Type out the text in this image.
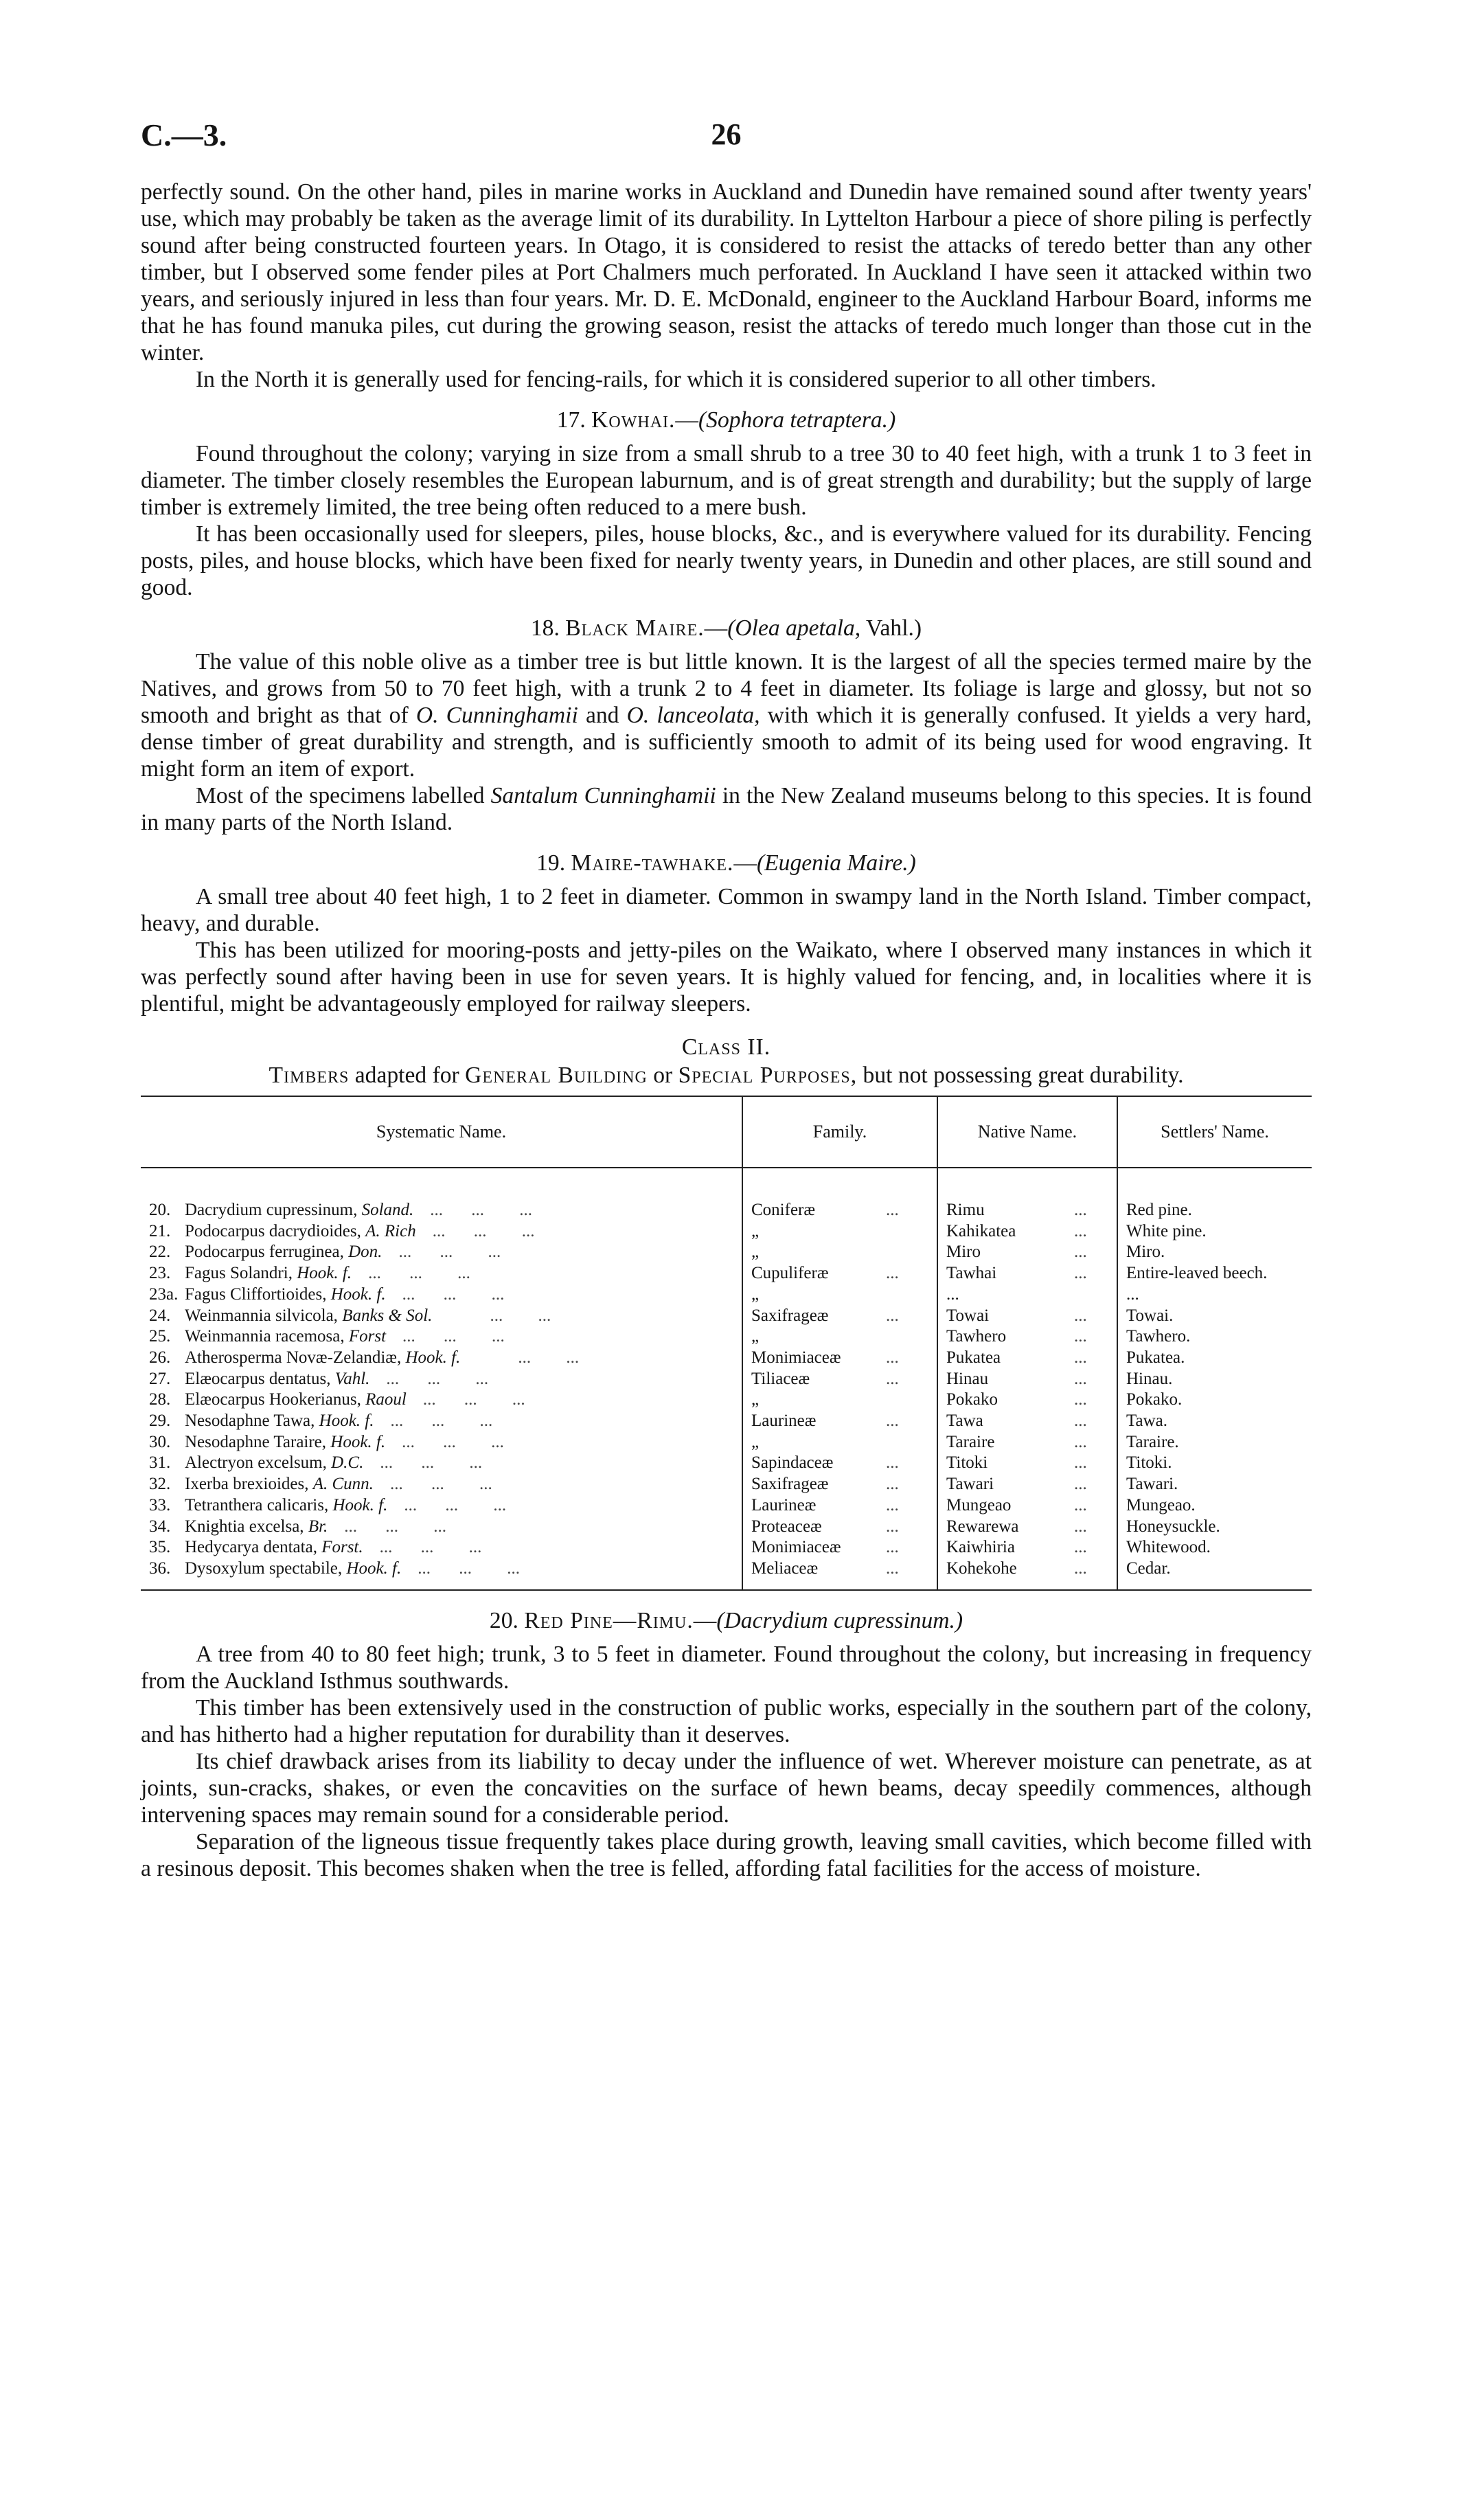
C.—3.	26

perfectly sound. On the other hand, piles in marine works in Auckland and Dunedin have remained sound after twenty years' use, which may probably be taken as the average limit of its durability. In Lyttelton Harbour a piece of shore piling is perfectly sound after being constructed fourteen years. In Otago, it is considered to resist the attacks of teredo better than any other timber, but I observed some fender piles at Port Chalmers much perforated. In Auckland I have seen it attacked within two years, and seriously injured in less than four years. Mr. D. E. McDonald, engineer to the Auckland Harbour Board, informs me that he has found manuka piles, cut during the growing season, resist the attacks of teredo much longer than those cut in the winter.

In the North it is generally used for fencing-rails, for which it is considered superior to all other timbers.

17. Kowhai.—(Sophora tetraptera.)

Found throughout the colony; varying in size from a small shrub to a tree 30 to 40 feet high, with a trunk 1 to 3 feet in diameter. The timber closely resembles the European laburnum, and is of great strength and durability; but the supply of large timber is extremely limited, the tree being often reduced to a mere bush.

It has been occasionally used for sleepers, piles, house blocks, &c., and is everywhere valued for its durability. Fencing posts, piles, and house blocks, which have been fixed for nearly twenty years, in Dunedin and other places, are still sound and good.

18. Black Maire.—(Olea apetala, Vahl.)

The value of this noble olive as a timber tree is but little known. It is the largest of all the species termed maire by the Natives, and grows from 50 to 70 feet high, with a trunk 2 to 4 feet in diameter. Its foliage is large and glossy, but not so smooth and bright as that of O. Cunninghamii and O. lanceolata, with which it is generally confused. It yields a very hard, dense timber of great durability and strength, and is sufficiently smooth to admit of its being used for wood engraving. It might form an item of export.

Most of the specimens labelled Santalum Cunninghamii in the New Zealand museums belong to this species. It is found in many parts of the North Island.

19. Maire-tawhake.—(Eugenia Maire.)

A small tree about 40 feet high, 1 to 2 feet in diameter. Common in swampy land in the North Island. Timber compact, heavy, and durable.

This has been utilized for mooring-posts and jetty-piles on the Waikato, where I observed many instances in which it was perfectly sound after having been in use for seven years. It is highly valued for fencing, and, in localities where it is plentiful, might be advantageously employed for railway sleepers.

Class II.
Timbers adapted for General Building or Special Purposes, but not possessing great durability.
Systematic Name.	Family.	Native Name.	Settlers' Name.
20. Dacrydium cupressinum, Soland. ... ... ...	Coniferæ ...	Rimu ...	Red pine.
21. Podocarpus dacrydioides, A. Rich ... ... ...	„	Kahikatea ...	White pine.
22. Podocarpus ferruginea, Don. ... ... ...	„	Miro ...	Miro.
23. Fagus Solandri, Hook. f. ... ... ...	Cupuliferæ ...	Tawhai ...	Entire-leaved beech.
23a. Fagus Cliffortioides, Hook. f. ... ... ...	„	...	...
24. Weinmannia silvicola, Banks & Sol. ... ...	Saxifrageæ ...	Towai ...	Towai.
25. Weinmannia racemosa, Forst ... ... ...	„	Tawhero ...	Tawhero.
26. Atherosperma Novæ-Zelandiæ, Hook. f. ... ...	Monimiaceæ ...	Pukatea ...	Pukatea.
27. Elæocarpus dentatus, Vahl. ... ... ...	Tiliaceæ ...	Hinau ...	Hinau.
28. Elæocarpus Hookerianus, Raoul ... ... ...	„	Pokako ...	Pokako.
29. Nesodaphne Tawa, Hook. f. ... ... ...	Laurineæ ...	Tawa ...	Tawa.
30. Nesodaphne Taraire, Hook. f. ... ... ...	„	Taraire ...	Taraire.
31. Alectryon excelsum, D.C. ... ... ...	Sapindaceæ ...	Titoki ...	Titoki.
32. Ixerba brexioides, A. Cunn. ... ... ...	Saxifrageæ ...	Tawari ...	Tawari.
33. Tetranthera calicaris, Hook. f. ... ... ...	Laurineæ ...	Mungeao ...	Mungeao.
34. Knightia excelsa, Br. ... ... ...	Proteaceæ ...	Rewarewa ...	Honeysuckle.
35. Hedycarya dentata, Forst. ... ... ...	Monimiaceæ ...	Kaiwhiria ...	Whitewood.
36. Dysoxylum spectabile, Hook. f. ... ... ...	Meliaceæ ...	Kohekohe ...	Cedar.
20. Red Pine—Rimu.—(Dacrydium cupressinum.)

A tree from 40 to 80 feet high; trunk, 3 to 5 feet in diameter. Found throughout the colony, but increasing in frequency from the Auckland Isthmus southwards.

This timber has been extensively used in the construction of public works, especially in the southern part of the colony, and has hitherto had a higher reputation for durability than it deserves.

Its chief drawback arises from its liability to decay under the influence of wet. Wherever moisture can penetrate, as at joints, sun-cracks, shakes, or even the concavities on the surface of hewn beams, decay speedily commences, although intervening spaces may remain sound for a considerable period.

Separation of the ligneous tissue frequently takes place during growth, leaving small cavities, which become filled with a resinous deposit. This becomes shaken when the tree is felled, affording fatal facilities for the access of moisture.
